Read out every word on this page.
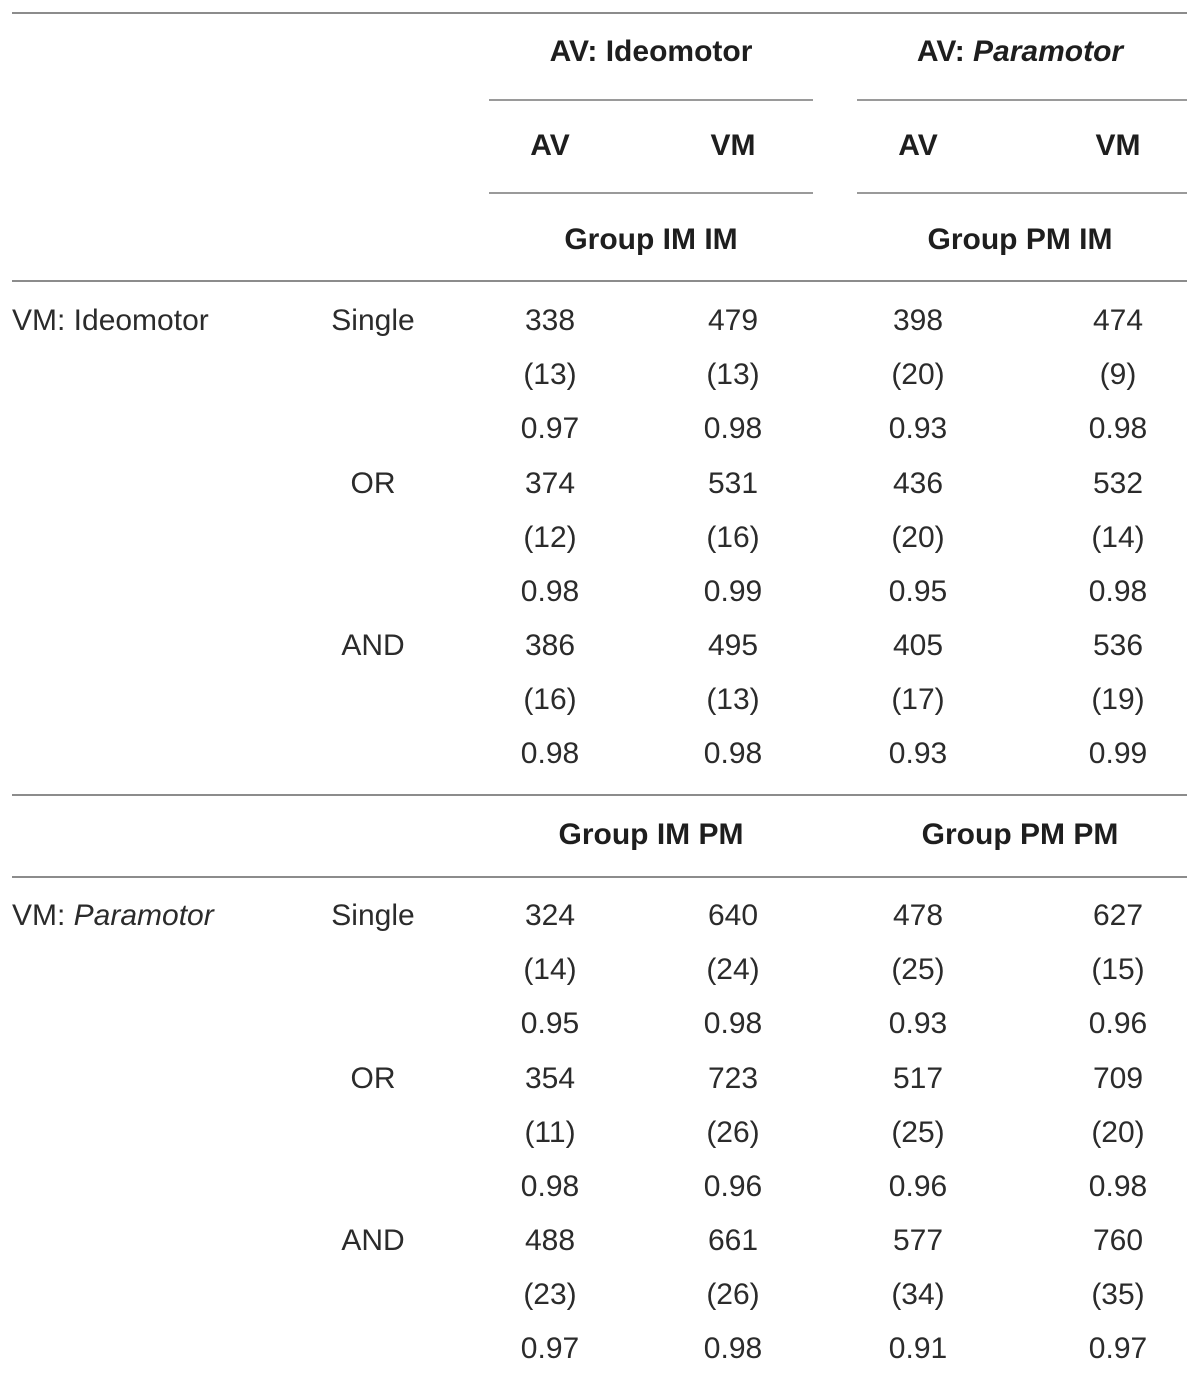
AV: Ideomotor	AV: Paramotor
AV	VM	AV	VM
Group IM IM	Group PM IM
VM: Ideomotor	Single	338	479	398	474
(13)	(13)	(20)	(9)
0.97	0.98	0.93	0.98
OR	374	531	436	532
(12)	(16)	(20)	(14)
0.98	0.99	0.95	0.98
AND	386	495	405	536
(16)	(13)	(17)	(19)
0.98	0.98	0.93	0.99
Group IM PM	Group PM PM
VM: Paramotor	Single	324	640	478	627
(14)	(24)	(25)	(15)
0.95	0.98	0.93	0.96
OR	354	723	517	709
(11)	(26)	(25)	(20)
0.98	0.96	0.96	0.98
AND	488	661	577	760
(23)	(26)	(34)	(35)
0.97	0.98	0.91	0.97
